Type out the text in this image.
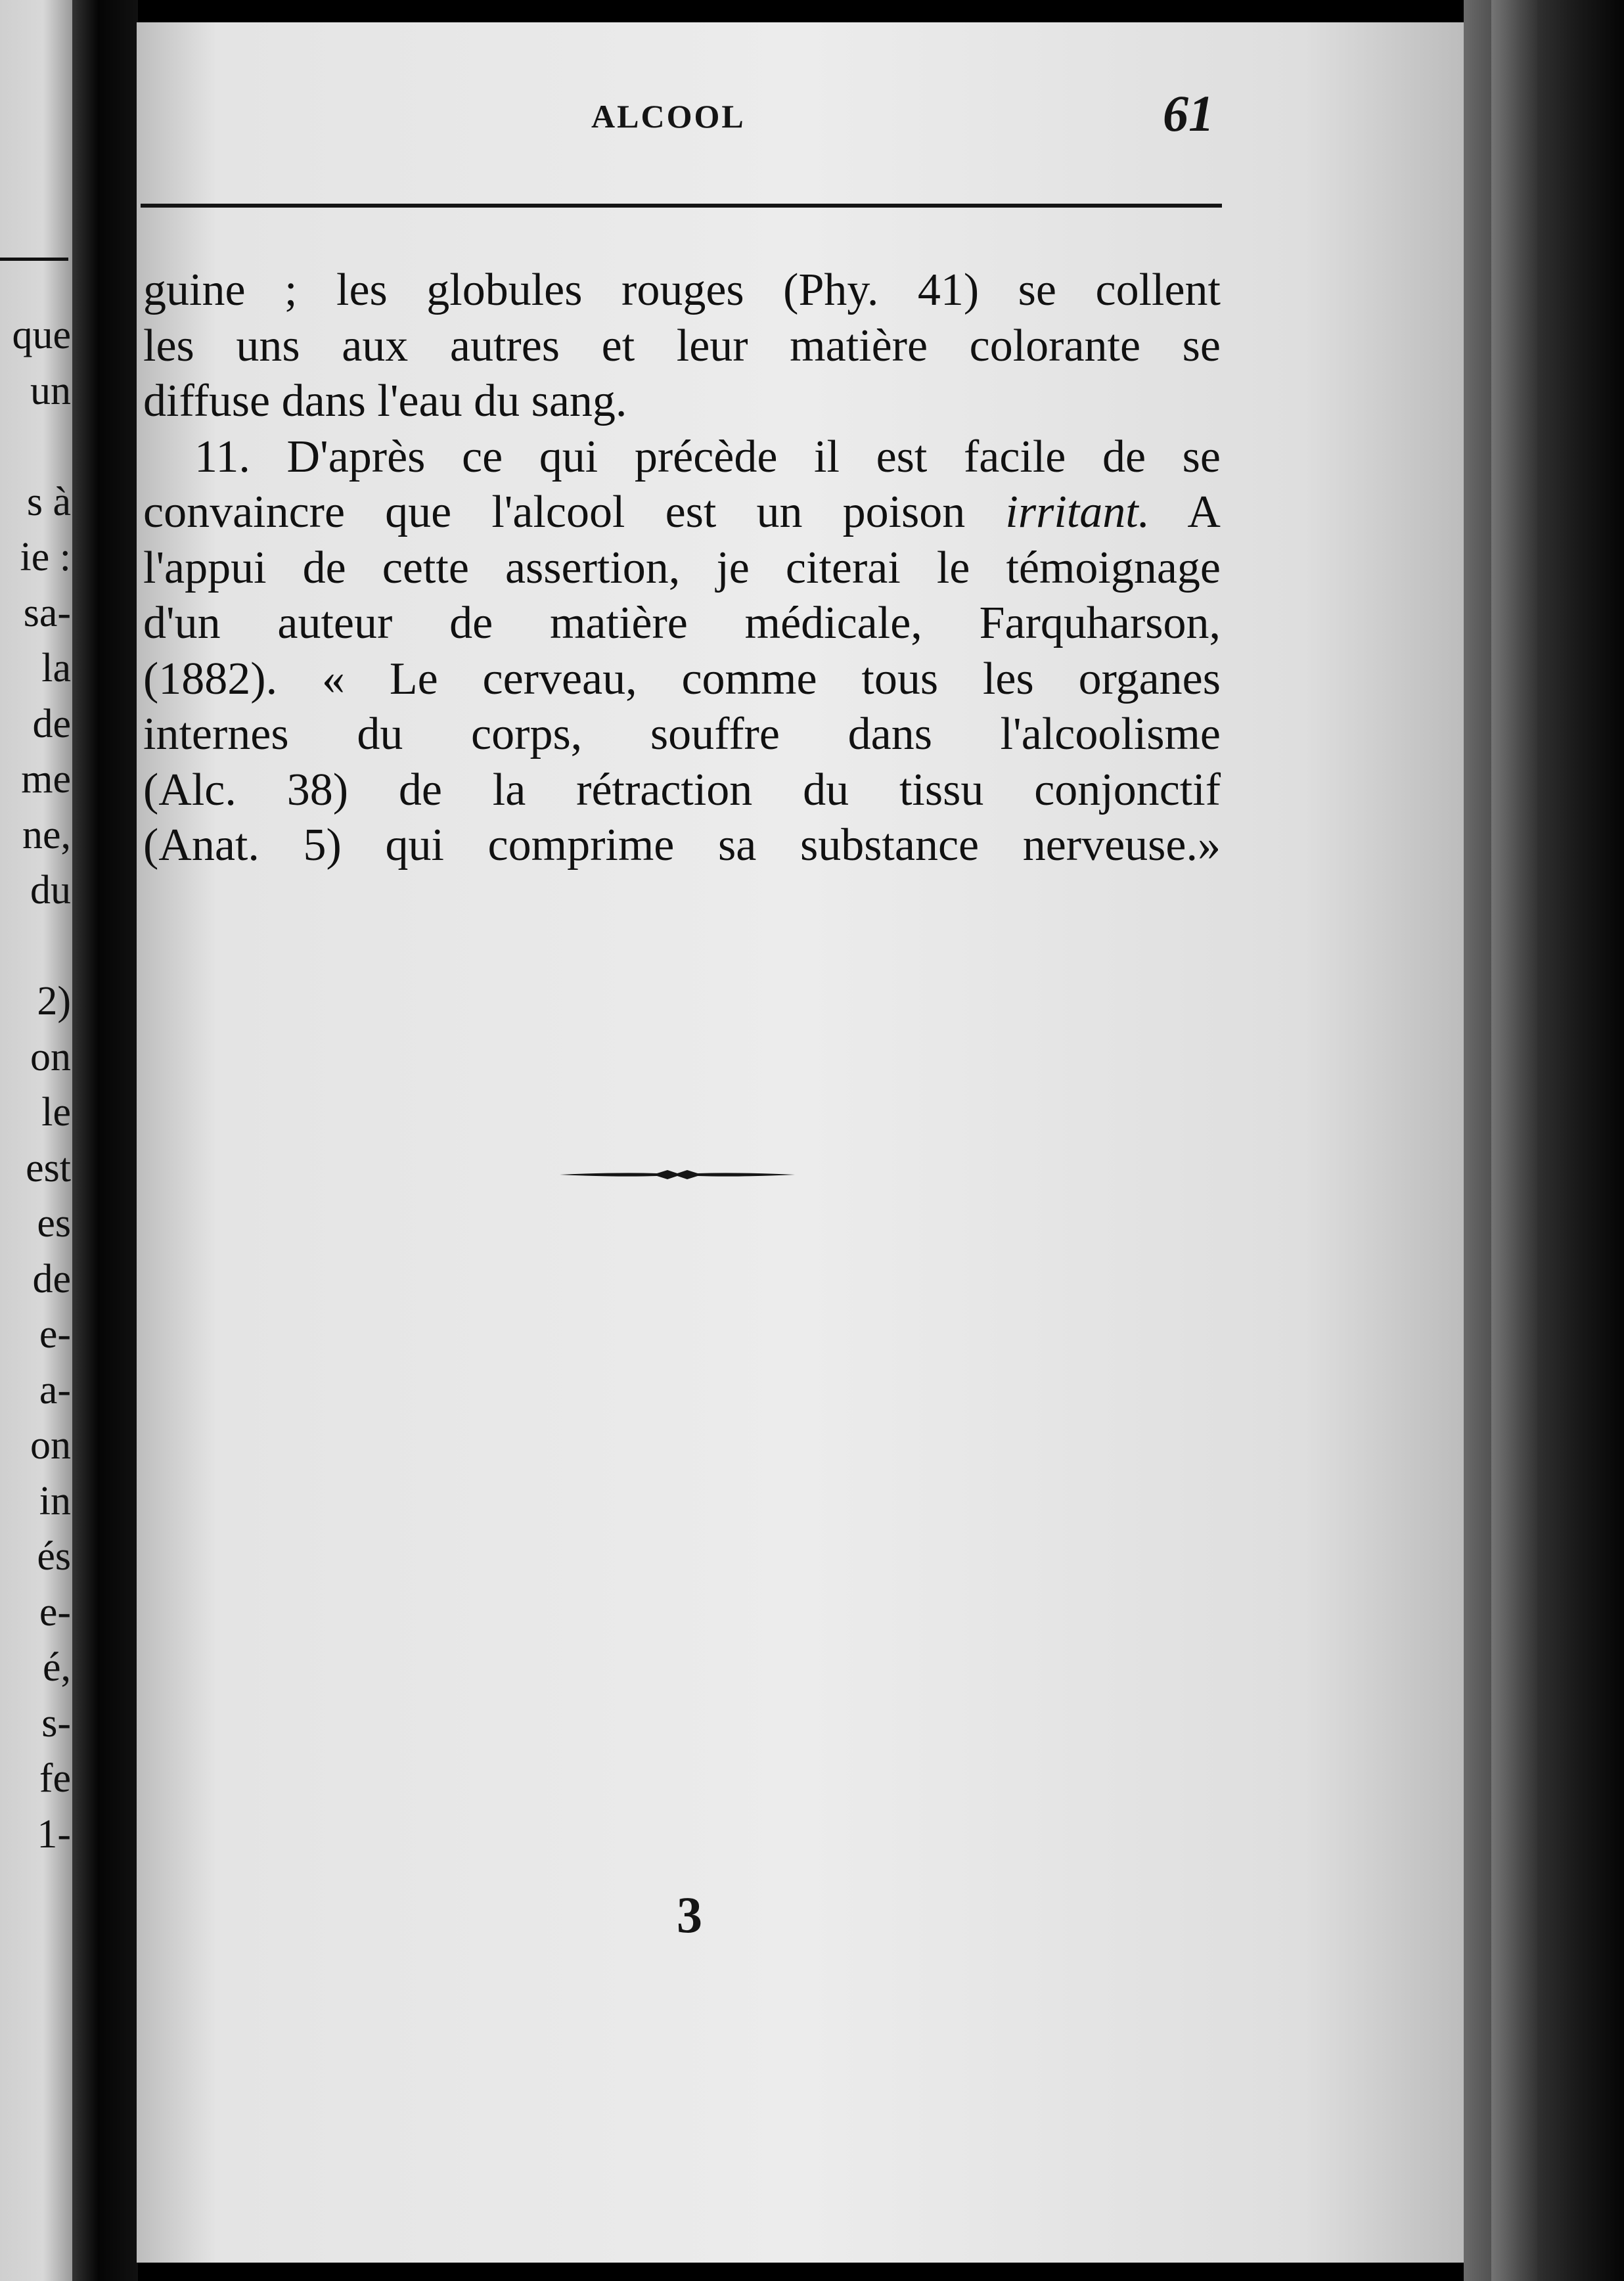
que
un
s à
ie :
sa-
la
de
me
ne,
du
2)
on
le
est
es
de
e-
a-
on
in
és
e-
é,
s-
fe
1-
ALCOOL	61
guine ; les globules rouges (Phy. 41) se collent
les uns aux autres et leur matière colorante se
diffuse dans l'eau du sang.
11. D'après ce qui précède il est facile de se
convaincre que l'alcool est un poison irritant. A
l'appui de cette assertion, je citerai le témoignage
d'un auteur de matière médicale, Farquharson,
(1882). « Le cerveau, comme tous les organes
internes du corps, souffre dans l'alcoolisme
(Alc. 38) de la rétraction du tissu conjonctif
(Anat. 5) qui comprime sa substance nerveuse.»
3
